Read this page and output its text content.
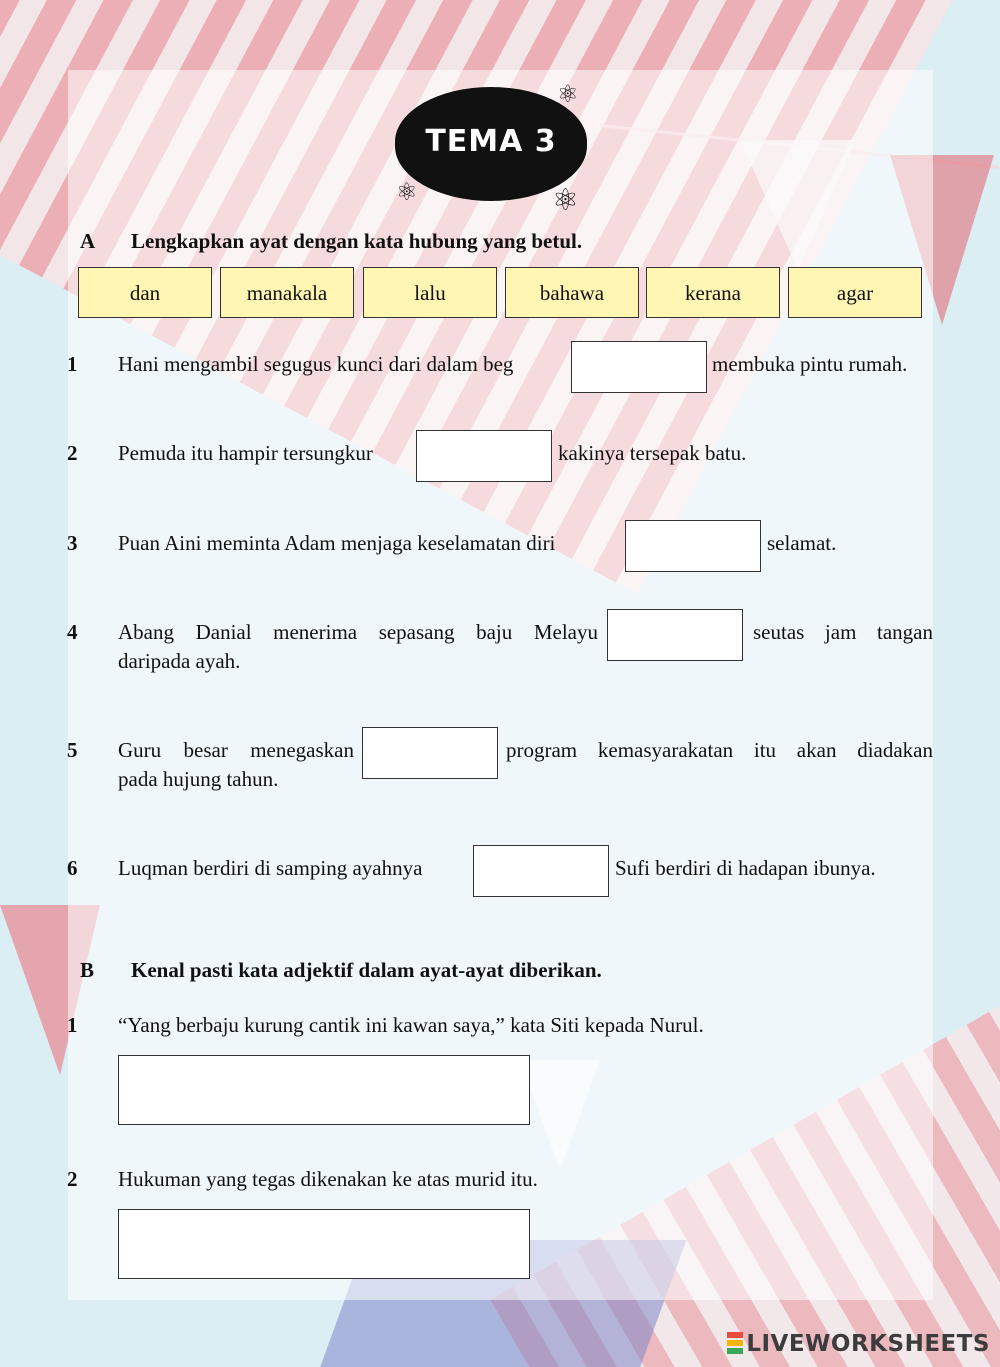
TEMA 3
⚛
⚛	⚛
A Lengkapkan ayat dengan kata hubung yang betul.
dan	manakala	lalu	bahawa	kerana	agar
1 Hani mengambil segugus kunci dari dalam beg	membuka pintu rumah.
2 Pemuda itu hampir tersungkur	kakinya tersepak batu.
3 Puan Aini meminta Adam menjaga keselamatan diri	selamat.
4 Abang Danial menerima sepasang baju Melayu	seutas jam tangan
daripada ayah.
5 Guru besar menegaskan	program kemasyarakatan itu akan diadakan
pada hujung tahun.
6 Luqman berdiri di samping ayahnya	Sufi berdiri di hadapan ibunya.
B Kenal pasti kata adjektif dalam ayat-ayat diberikan.
1 “Yang berbaju kurung cantik ini kawan saya,” kata Siti kepada Nurul.
2 Hukuman yang tegas dikenakan ke atas murid itu.
LIVEWORKSHEETS
